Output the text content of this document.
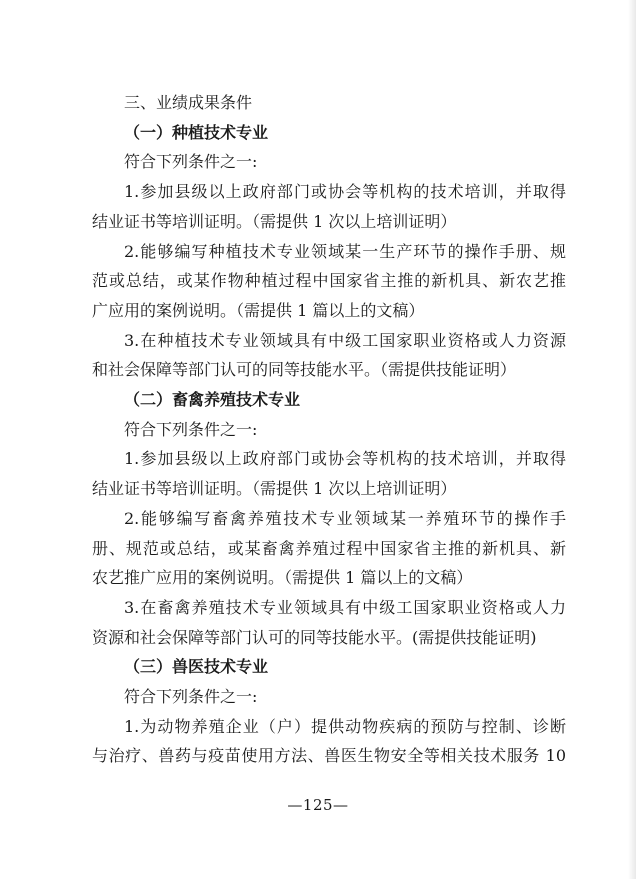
三、业绩成果条件
（一）种植技术专业
符合下列条件之一:
1.参加县级以上政府部门或协会等机构的技术培训，并取得
结业证书等培训证明。（需提供 1 次以上培训证明）
2.能够编写种植技术专业领域某一生产环节的操作手册、规
范或总结，或某作物种植过程中国家省主推的新机具、新农艺推
广应用的案例说明。（需提供 1 篇以上的文稿）
3.在种植技术专业领域具有中级工国家职业资格或人力资源
和社会保障等部门认可的同等技能水平。（需提供技能证明）
（二）畜禽养殖技术专业
符合下列条件之一:
1.参加县级以上政府部门或协会等机构的技术培训，并取得
结业证书等培训证明。（需提供 1 次以上培训证明）
2.能够编写畜禽养殖技术专业领域某一养殖环节的操作手
册、规范或总结，或某畜禽养殖过程中国家省主推的新机具、新
农艺推广应用的案例说明。（需提供 1 篇以上的文稿）
3.在畜禽养殖技术专业领域具有中级工国家职业资格或人力
资源和社会保障等部门认可的同等技能水平。(需提供技能证明)
（三）兽医技术专业
符合下列条件之一:
1.为动物养殖企业（户）提供动物疾病的预防与控制、诊断
与治疗、兽药与疫苗使用方法、兽医生物安全等相关技术服务 10
—125—
